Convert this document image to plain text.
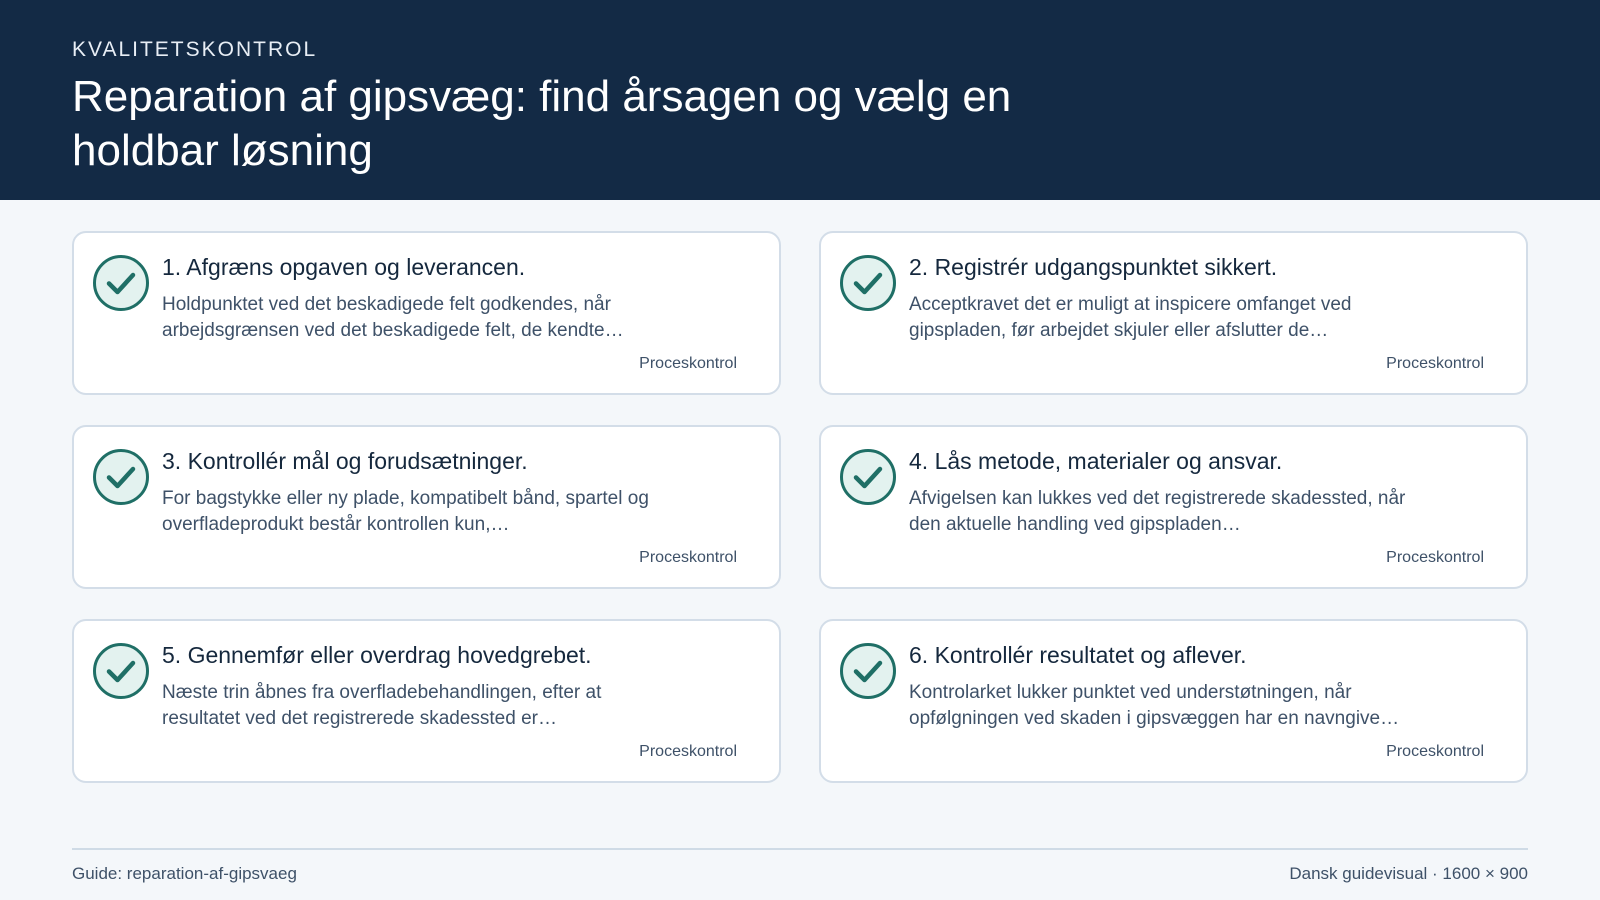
KVALITETSKONTROL
Reparation af gipsvæg: find årsagen og vælg en holdbar løsning
1. Afgræns opgaven og leverancen.
Holdpunktet ved det beskadigede felt godkendes, når arbejdsgrænsen ved det beskadigede felt, de kendte…
Proceskontrol
2. Registrér udgangspunktet sikkert.
Acceptkravet det er muligt at inspicere omfanget ved gipspladen, før arbejdet skjuler eller afslutter de…
Proceskontrol
3. Kontrollér mål og forudsætninger.
For bagstykke eller ny plade, kompatibelt bånd, spartel og overfladeprodukt består kontrollen kun,…
Proceskontrol
4. Lås metode, materialer og ansvar.
Afvigelsen kan lukkes ved det registrerede skadessted, når den aktuelle handling ved gipspladen…
Proceskontrol
5. Gennemfør eller overdrag hovedgrebet.
Næste trin åbnes fra overfladebehandlingen, efter at resultatet ved det registrerede skadessted er…
Proceskontrol
6. Kontrollér resultatet og aflever.
Kontrolarket lukker punktet ved understøtningen, når opfølgningen ved skaden i gipsvæggen har en navngive…
Proceskontrol
Guide: reparation-af-gipsvaeg	Dansk guidevisual · 1600 × 900
